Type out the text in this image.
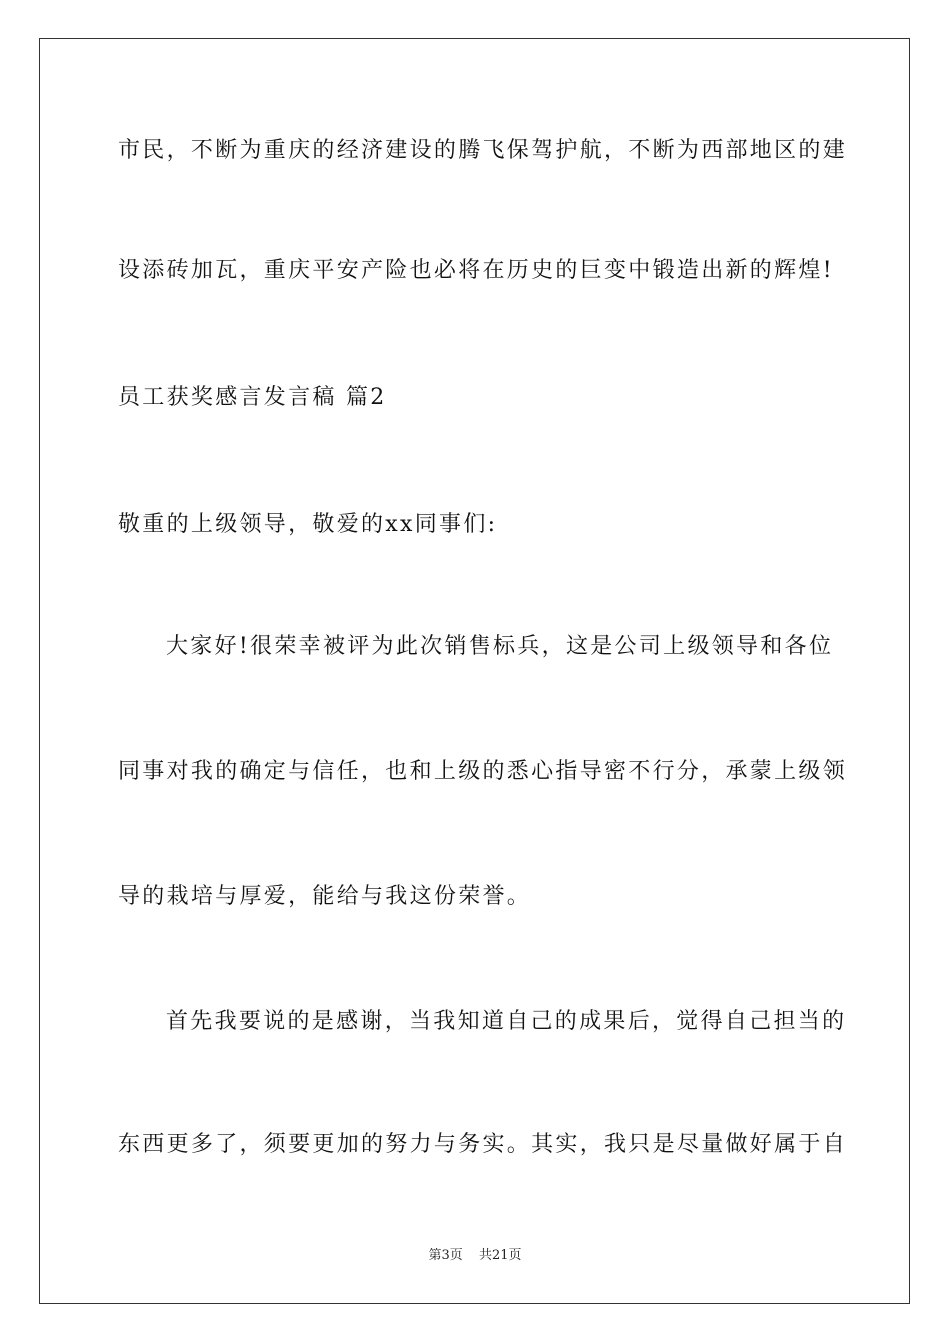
市民，不断为重庆的经济建设的腾飞保驾护航，不断为西部地区的建
设添砖加瓦，重庆平安产险也必将在历史的巨变中锻造出新的辉煌!
员工获奖感言发言稿 篇2
敬重的上级领导，敬爱的xx同事们:
大家好!很荣幸被评为此次销售标兵，这是公司上级领导和各位
同事对我的确定与信任，也和上级的悉心指导密不行分，承蒙上级领
导的栽培与厚爱，能给与我这份荣誉。
首先我要说的是感谢，当我知道自己的成果后，觉得自己担当的
东西更多了，须要更加的努力与务实。其实，我只是尽量做好属于自
第3页 共21页
